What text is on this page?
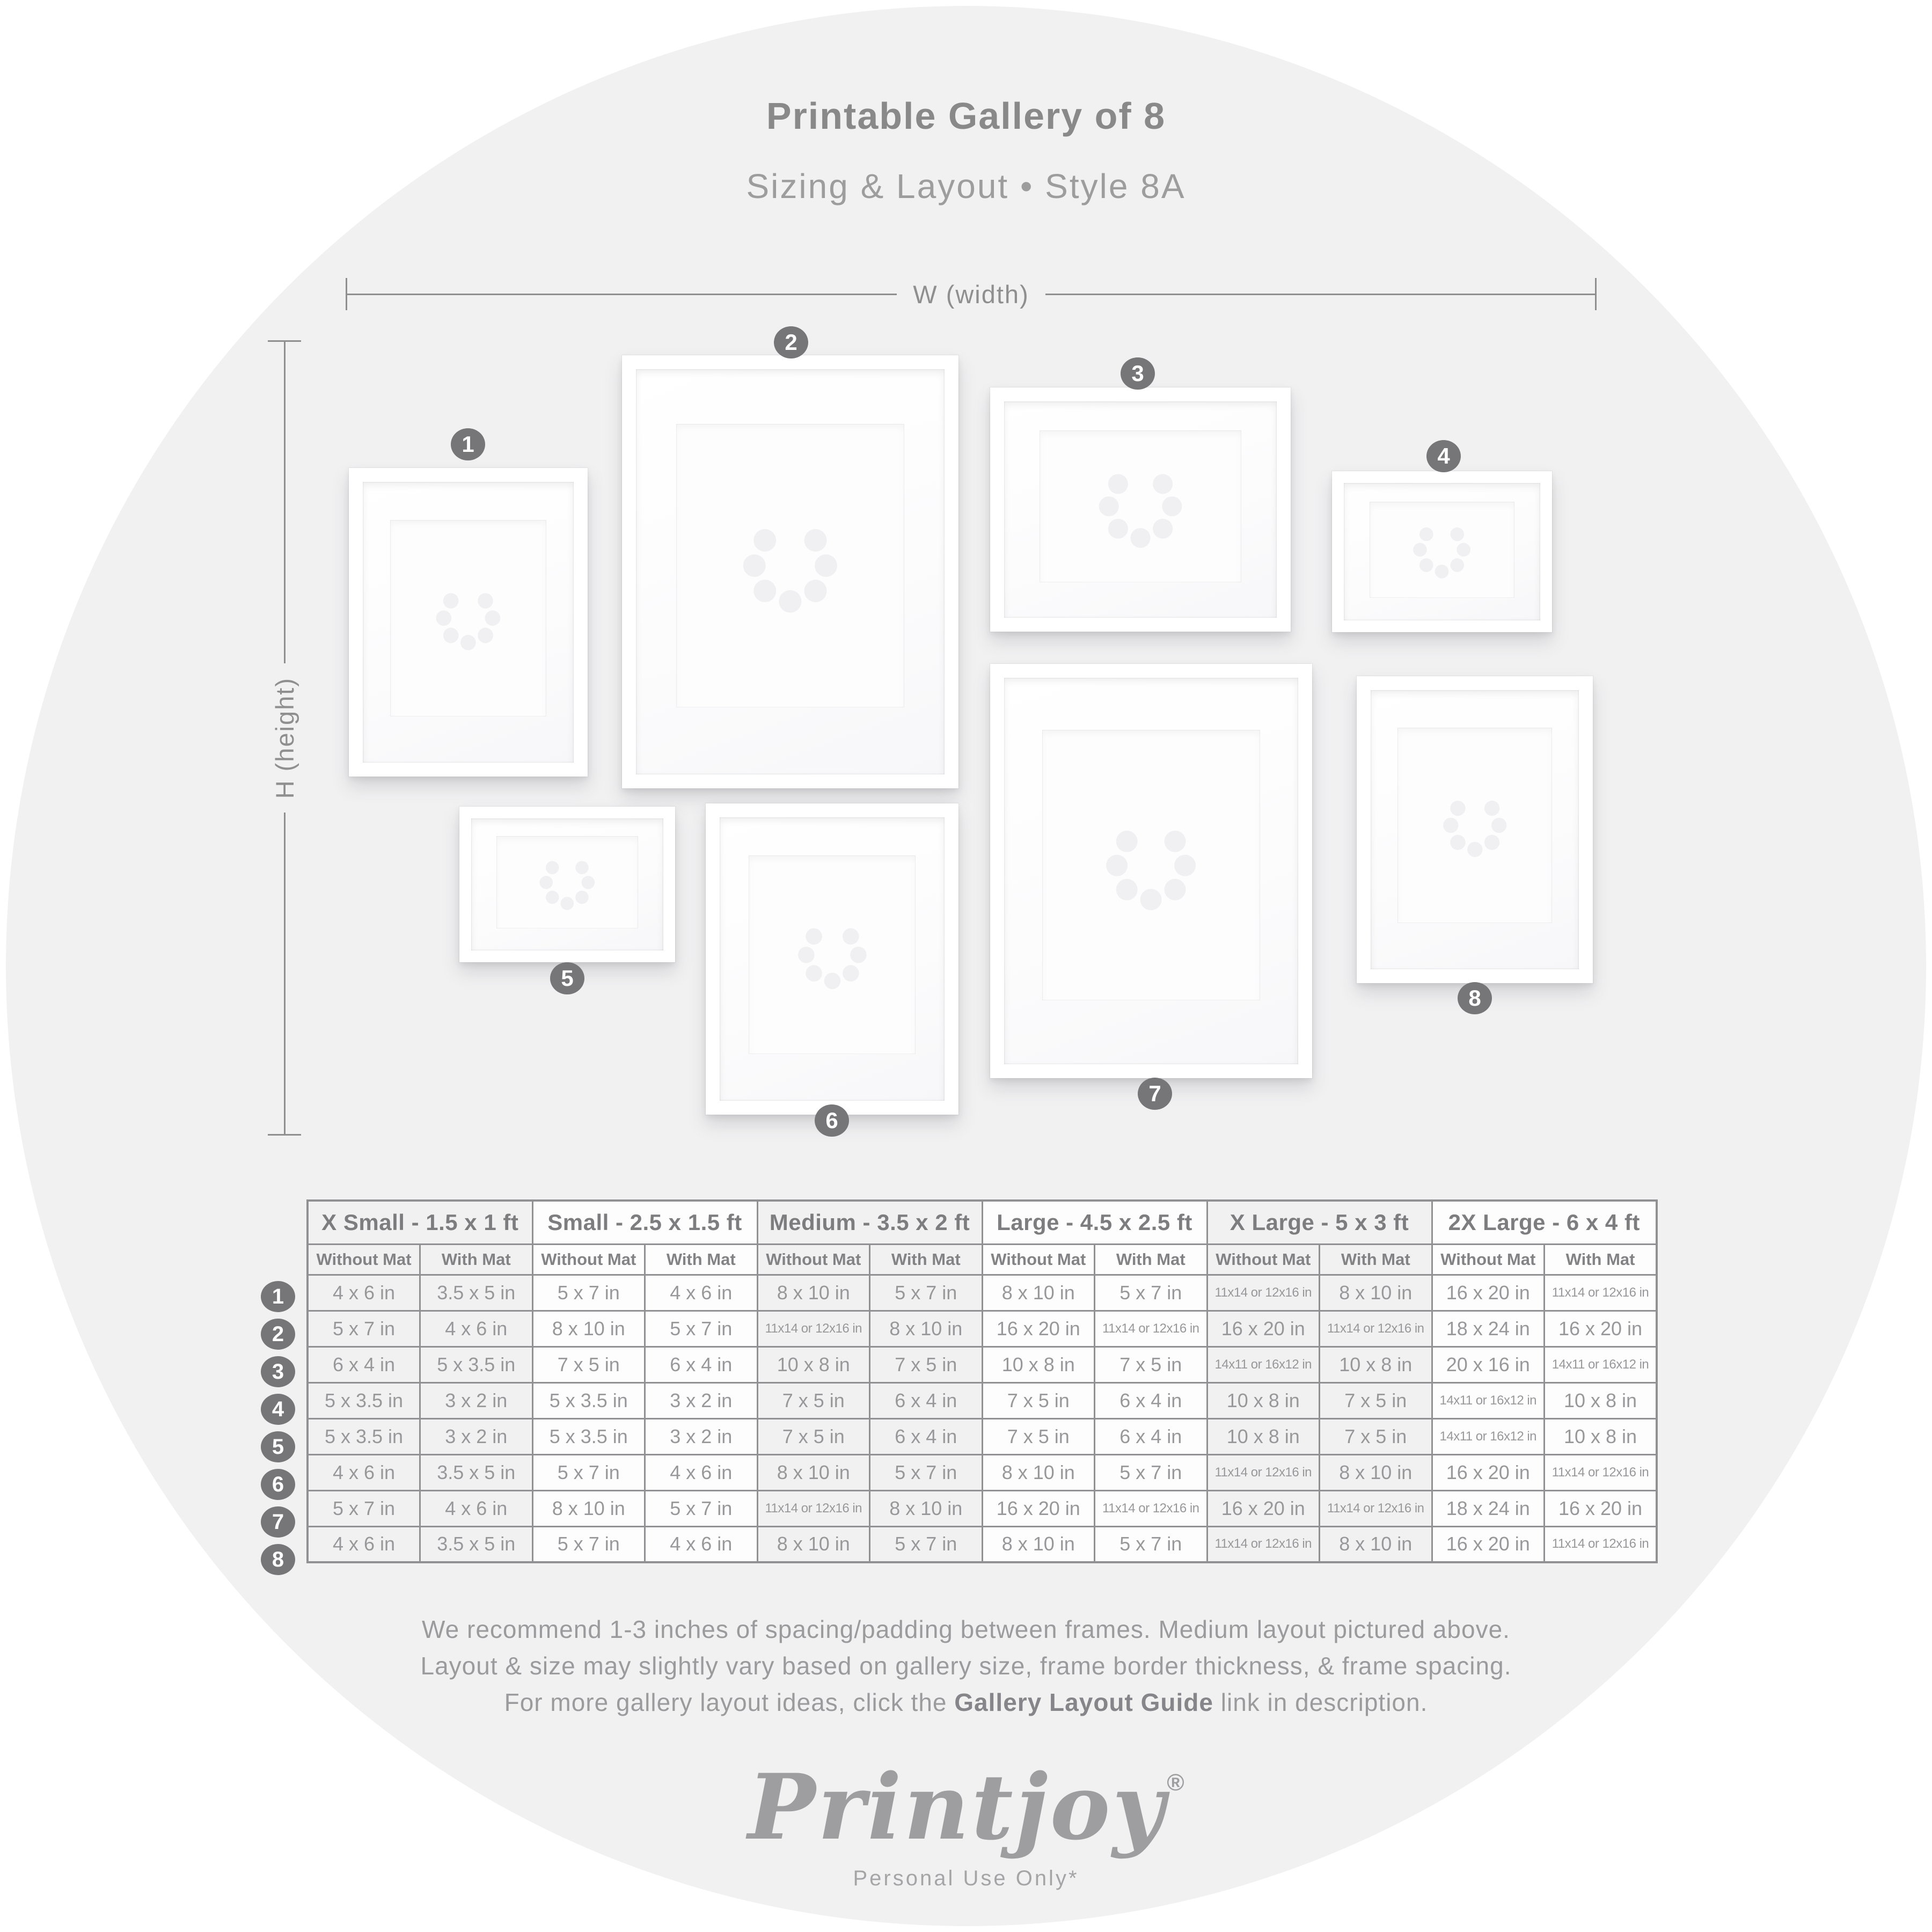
Printable Gallery of 8
Sizing & Layout • Style 8A
W (width)
H (height)
1
2
3
4
5
6
7
8
1
2
3
4
5
6
7
8
X Small - 1.5 x 1 ft		Small - 2.5 x 1.5 ft		Medium - 3.5 x 2 ft		Large - 4.5 x 2.5 ft		X Large - 5 x 3 ft		2X Large - 6 x 4 ft	
Without Mat	With Mat	Without Mat	With Mat	Without Mat	With Mat	Without Mat	With Mat	Without Mat	With Mat	Without Mat	With Mat
4 x 6 in	3.5 x 5 in	5 x 7 in	4 x 6 in	8 x 10 in	5 x 7 in	8 x 10 in	5 x 7 in	11x14 or 12x16 in	8 x 10 in	16 x 20 in	11x14 or 12x16 in
5 x 7 in	4 x 6 in	8 x 10 in	5 x 7 in	11x14 or 12x16 in	8 x 10 in	16 x 20 in	11x14 or 12x16 in	16 x 20 in	11x14 or 12x16 in	18 x 24 in	16 x 20 in
6 x 4 in	5 x 3.5 in	7 x 5 in	6 x 4 in	10 x 8 in	7 x 5 in	10 x 8 in	7 x 5 in	14x11 or 16x12 in	10 x 8 in	20 x 16 in	14x11 or 16x12 in
5 x 3.5 in	3 x 2 in	5 x 3.5 in	3 x 2 in	7 x 5 in	6 x 4 in	7 x 5 in	6 x 4 in	10 x 8 in	7 x 5 in	14x11 or 16x12 in	10 x 8 in
5 x 3.5 in	3 x 2 in	5 x 3.5 in	3 x 2 in	7 x 5 in	6 x 4 in	7 x 5 in	6 x 4 in	10 x 8 in	7 x 5 in	14x11 or 16x12 in	10 x 8 in
4 x 6 in	3.5 x 5 in	5 x 7 in	4 x 6 in	8 x 10 in	5 x 7 in	8 x 10 in	5 x 7 in	11x14 or 12x16 in	8 x 10 in	16 x 20 in	11x14 or 12x16 in
5 x 7 in	4 x 6 in	8 x 10 in	5 x 7 in	11x14 or 12x16 in	8 x 10 in	16 x 20 in	11x14 or 12x16 in	16 x 20 in	11x14 or 12x16 in	18 x 24 in	16 x 20 in
4 x 6 in	3.5 x 5 in	5 x 7 in	4 x 6 in	8 x 10 in	5 x 7 in	8 x 10 in	5 x 7 in	11x14 or 12x16 in	8 x 10 in	16 x 20 in	11x14 or 12x16 in
We recommend 1-3 inches of spacing/padding between frames. Medium layout pictured above.
Layout & size may slightly vary based on gallery size, frame border thickness, & frame spacing.
For more gallery layout ideas, click the Gallery Layout Guide link in description.
Printjoy®
Personal Use Only*
